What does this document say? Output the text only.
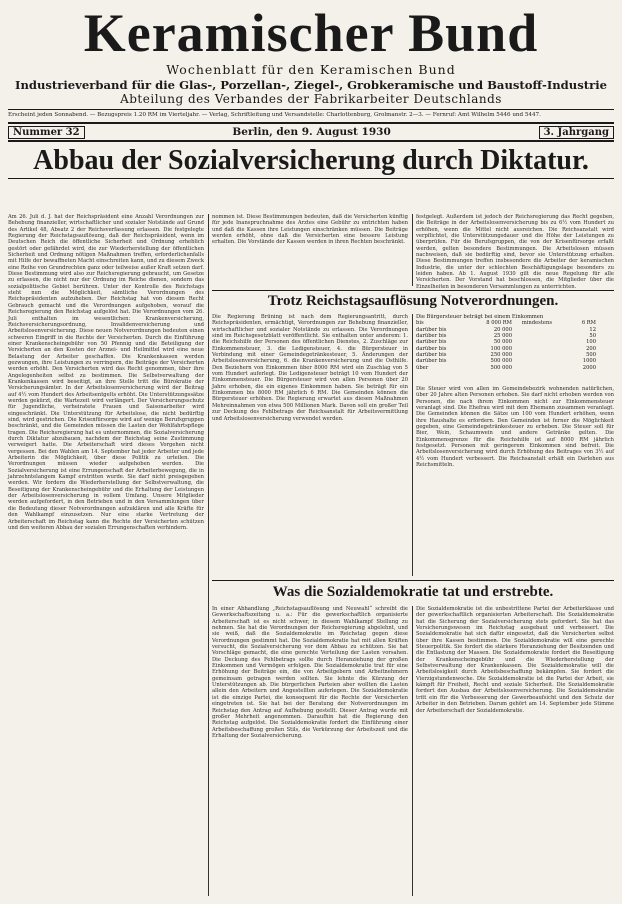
Keramischer Bund
Wochenblatt für den Keramischen Bund
Industrieverband für die Glas-, Porzellan-, Ziegel-, Grobkeramische und Baustoff-Industrie
Abteilung des Verbandes der Fabrikarbeiter Deutschlands
Erscheint jeden Sonnabend. — Bezugspreis 1.20 RM im Vierteljahr. — Verlag, Schriftleitung und Versandstelle: Charlottenburg, Grolmanstr. 2—3. — Fernruf: Amt Wilhelm 5446 und 5447.
Nummer 32	Berlin, den 9. August 1930	3. Jahrgang
Abbau der Sozialversicherung durch Diktatur.
Am 26. Juli d. J. hat der Reichspräsident eine Anzahl Verordnungen zur Behebung finanzieller, wirtschaftlicher und sozialer Notstände auf Grund des Artikel 48, Absatz 2 der Reichsverfassung erlassen. Die festgelegte Regierung der Reichstagsauflösung, daß der Reichspräsident, wenn im Deutschen Reich die öffentliche Sicherheit und Ordnung erheblich gestört oder gefährdet wird, die zur Wiederherstellung der öffentlichen Sicherheit und Ordnung nötigen Maßnahmen treffen, erforderlichenfalls mit Hilfe der bewaffneten Macht einschreiten kann, und zu diesem Zweck eine Reihe von Grundrechten ganz oder teilweise außer Kraft setzen darf. Diese Bestimmung wird also zur Reichsregierung gebraucht, um Gesetze zu erlassen, die nicht nur der Ordnung im Reiche dienen, sondern das sozialpolitische Gebiet berühren. Unter der Kontrolle des Reichstags steht nun die Möglichkeit, sämtliche Verordnungen des Reichspräsidenten aufzuheben. Der Reichstag hat von diesem Recht Gebrauch gemacht und die Verordnungen aufgehoben, worauf die Reichsregierung den Reichstag aufgelöst hat. Die Verordnungen vom 26. Juli enthalten im wesentlichen: Krankenversicherung, Reichsversicherungsordnung, Invalidenversicherung und Arbeitslosenversicherung. Diese neuen Notverordnungen bedeuten einen schweren Eingriff in die Rechte der Versicherten. Durch die Einführung einer Krankenscheingebühr von 50 Pfennig und die Beteiligung der Versicherten an den Kosten der Arznei- und Heilmittel wird eine neue Belastung der Arbeiter geschaffen. Die Krankenkassen werden gezwungen, ihre Leistungen zu verringern, die Beiträge der Versicherten werden erhöht. Den Versicherten wird das Recht genommen, über ihre Angelegenheiten selbst zu bestimmen. Die Selbstverwaltung der Krankenkassen wird beseitigt, an ihre Stelle tritt die Bürokratie der Versicherungsämter. In der Arbeitslosenversicherung wird der Beitrag auf 4½ vom Hundert des Arbeitsentgelts erhöht. Die Unterstützungssätze werden gekürzt, die Wartezeit wird verlängert. Der Versicherungsschutz für Jugendliche, verheiratete Frauen und Saisonarbeiter wird eingeschränkt. Die Unterstützung für Arbeitslose, die nicht bedürftig sind, wird gestrichen. Die Krisenfürsorge wird auf wenige Berufsgruppen beschränkt, und die Gemeinden müssen die Lasten der Wohlfahrtspflege tragen. Die Reichsregierung hat es unternommen, die Sozialversicherung durch Diktatur abzubauen, nachdem der Reichstag seine Zustimmung verweigert hatte. Die Arbeiterschaft wird dieses Vorgehen nicht vergessen. Bei den Wahlen am 14. September hat jeder Arbeiter und jede Arbeiterin die Möglichkeit, über diese Politik zu urteilen. Die Verordnungen müssen wieder aufgehoben werden. Die Sozialversicherung ist eine Errungenschaft der Arbeiterbewegung, die in jahrzehntelangem Kampf erstritten wurde. Sie darf nicht preisgegeben werden. Wir fordern die Wiederherstellung der Selbstverwaltung, die Beseitigung der Krankenscheingebühr und die Erhaltung der Leistungen der Arbeitslosenversicherung in vollem Umfang. Unsere Mitglieder werden aufgefordert, in den Betrieben und in den Versammlungen über die Bedeutung dieser Notverordnungen aufzuklären und alle Kräfte für den Wahlkampf einzusetzen. Nur eine starke Vertretung der Arbeiterschaft im Reichstag kann die Rechte der Versicherten schützen und den weiteren Abbau der sozialen Errungenschaften verhindern.
nommen ist. Diese Bestimmungen bedeuten, daß die Versicherten künftig für jede Inanspruchnahme des Arztes eine Gebühr zu entrichten haben und daß die Kassen ihre Leistungen einschränken müssen. Die Beiträge werden erhöht, ohne daß die Versicherten eine bessere Leistung erhalten. Die Vorstände der Kassen werden in ihren Rechten beschränkt.
festgelegt. Außerdem ist jedoch der Reichsregierung das Recht gegeben, die Beiträge in der Arbeitslosenversicherung bis zu 6½ vom Hundert zu erhöhen, wenn die Mittel nicht ausreichen. Die Reichsanstalt wird verpflichtet, die Unterstützungsdauer und die Höhe der Leistungen zu überprüfen. Für die Berufsgruppen, die von der Krisenfürsorge erfaßt werden, gelten besondere Bestimmungen. Die Arbeitslosen müssen nachweisen, daß sie bedürftig sind, bevor sie Unterstützung erhalten. Diese Bestimmungen treffen insbesondere die Arbeiter der keramischen Industrie, die unter der schlechten Beschäftigungslage besonders zu leiden haben. Ab 1. August 1930 gilt die neue Regelung für alle Versicherten. Der Vorstand hat beschlossen, die Mitglieder über die Einzelheiten in besonderen Versammlungen zu unterrichten.
Trotz Reichstagsauflösung Notverordnungen.
Die Regierung Brüning ist nach dem Regierungsantritt, durch Reichspräsidenten, ermächtigt, Verordnungen zur Behebung finanzieller, wirtschaftlicher und sozialer Notstände zu erlassen. Die Verordnungen sind im Reichsgesetzblatt veröffentlicht. Sie enthalten unter anderem: 1. die Reichshilfe der Personen des öffentlichen Dienstes, 2. Zuschläge zur Einkommensteuer, 3. die Ledigensteuer, 4. die Bürgersteuer in Verbindung mit einer Gemeindegetränkesteuer, 5. Änderungen der Arbeitslosenversicherung, 6. die Krankenversicherung und die Osthilfe. Den Beziehern von Einkommen über 8000 RM wird ein Zuschlag von 5 vom Hundert auferlegt. Die Ledigensteuer beträgt 10 vom Hundert der Einkommensteuer. Die Bürgersteuer wird von allen Personen über 20 Jahre erhoben, die ein eigenes Einkommen haben. Sie beträgt für ein Einkommen bis 8000 RM jährlich 6 RM. Die Gemeinden können die Bürgersteuer erhöhen. Die Regierung erwartet aus diesen Maßnahmen Mehreinnahmen von etwa 500 Millionen Mark. Davon soll ein großer Teil zur Deckung des Fehlbetrags der Reichsanstalt für Arbeitsvermittlung und Arbeitslosenversicherung verwendet werden.
Die Bürgersteuer beträgt bei einem Einkommen
bis	8 000 RM	mindestens	6 RM
darüber bis	20 000	12
darüber bis	25 000	50
darüber bis	50 000	100
darüber bis	100 000	200
darüber bis	250 000	500
darüber bis	500 000	1000
über	500 000	2000
Die Steuer wird von allen im Gemeindebezirk wohnenden natürlichen, über 20 Jahre alten Personen erhoben. Sie darf nicht erhoben werden von Personen, die nach ihrem Einkommen nicht zur Einkommensteuer veranlagt sind. Die Ehefrau wird mit dem Ehemann zusammen veranlagt. Die Gemeinden können die Sätze um 100 vom Hundert erhöhen, wenn ihre Haushalte es erfordern. Den Gemeinden ist ferner die Möglichkeit gegeben, eine Gemeindegetränkesteuer zu erheben. Die Steuer soll für Bier, Wein, Schaumwein und andere Getränke gelten. Die Einkommensgrenze für die Reichshilfe ist auf 8000 RM jährlich festgesetzt. Personen mit geringerem Einkommen sind befreit. Die Arbeitslosenversicherung wird durch Erhöhung des Beitrages von 3½ auf 4½ vom Hundert verbessert. Die Reichsanstalt erhält ein Darlehen aus Reichsmitteln.
Was die Sozialdemokratie tat und erstrebte.
In einer Abhandlung „Reichstagsauflösung und Neuwahl“ schreibt die Gewerkschaftszeitung u. a.: Für die gewerkschaftlich organisierte Arbeiterschaft ist es nicht schwer, in diesem Wahlkampf Stellung zu nehmen. Sie hat die Verordnungen der Reichsregierung abgelehnt, und sie weiß, daß die Sozialdemokratie im Reichstag gegen diese Verordnungen gestimmt hat. Die Sozialdemokratie hat mit allen Kräften versucht, die Sozialversicherung vor dem Abbau zu schützen. Sie hat Vorschläge gemacht, die eine gerechte Verteilung der Lasten vorsahen. Die Deckung des Fehlbetrags sollte durch Heranziehung der großen Einkommen und Vermögen erfolgen. Die Sozialdemokratie trat für eine Erhöhung der Beiträge ein, die von Arbeitgebern und Arbeitnehmern gemeinsam getragen werden sollten. Sie lehnte die Kürzung der Unterstützungen ab. Die bürgerlichen Parteien aber wollten die Lasten allein den Arbeitern und Angestellten auferlegen. Die Sozialdemokratie ist die einzige Partei, die konsequent für die Rechte der Versicherten eingetreten ist. Sie hat bei der Beratung der Notverordnungen im Reichstag den Antrag auf Aufhebung gestellt. Dieser Antrag wurde mit großer Mehrheit angenommen. Daraufhin hat die Regierung den Reichstag aufgelöst. Die Sozialdemokratie fordert die Einführung einer Arbeitsbeschaffung großen Stils, die Verkürzung der Arbeitszeit und die Erhaltung der Sozialversicherung.
Die Sozialdemokratie ist die unbestrittene Partei der Arbeiterklasse und der gewerkschaftlich organisierten Arbeiterschaft. Die Sozialdemokratie hat die Sicherung der Sozialversicherung stets gefordert. Sie hat das Versicherungswesen im Reichstag ausgebaut und verbessert. Die Sozialdemokratie hat sich dafür eingesetzt, daß die Versicherten selbst über ihre Kassen bestimmen. Die Sozialdemokratie will eine gerechte Steuerpolitik. Sie fordert die stärkere Heranziehung der Besitzenden und die Entlastung der Massen. Die Sozialdemokratie fordert die Beseitigung der Krankenscheingebühr und die Wiederherstellung der Selbstverwaltung der Krankenkassen. Die Sozialdemokratie will die Arbeitslosigkeit durch Arbeitsbeschaffung bekämpfen. Sie fordert die Vierzigstundenwoche. Die Sozialdemokratie ist die Partei der Arbeit, sie kämpft für Freiheit, Recht und soziale Sicherheit. Die Sozialdemokratie fordert den Ausbau der Arbeitslosenversicherung. Die Sozialdemokratie tritt ein für die Verbesserung der Gewerbeaufsicht und den Schutz der Arbeiter in den Betrieben. Darum gehört am 14. September jede Stimme der Arbeiterschaft der Sozialdemokratie.
